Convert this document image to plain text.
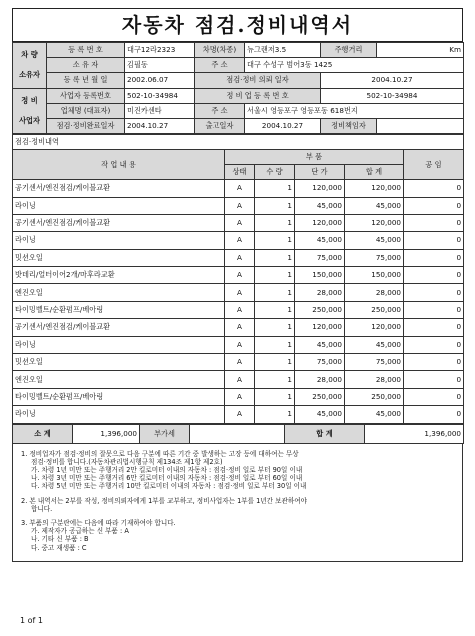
자동차 점검.정비내역서
차 량
소유자	등 록 번 호	대구12라2323	차명(차종)	뉴그랜저3.5	주행거리	Km
	소 유 자	김필동	주 소	대구 수성구 범어3동 1425		
	등 록 년 월 일	2002.06.07	점검·정비 의뢰 일자		2004.10.27	
정 비
사업자	사업자 등록번호	502-10-34984	정 비 업 등 록 번 호		502-10-34984	
	업체명 (대표자)	미진카센타	주 소	서울시 영등포구 영등포동 618번지		
	점검·정비완료일자	2004.10.27	출고일자	2004.10.27	정비책임자	
점검·정비내역					
작 업 내 용	부 품				공 임
	상태	수 량	단 가	합 계	
공기센서/엔진점검/케이블교환	A	1	120,000	120,000	0
라이닝	A	1	45,000	45,000	0
공기센서/엔진점검/케이블교환	A	1	120,000	120,000	0
라이닝	A	1	45,000	45,000	0
밋션오일	A	1	75,000	75,000	0
밧데리/얼터이어2개/마후라교환	A	1	150,000	150,000	0
엔진오일	A	1	28,000	28,000	0
타이밍벨트/순환펌프/베아링	A	1	250,000	250,000	0
공기센서/엔진점검/케이블교환	A	1	120,000	120,000	0
라이닝	A	1	45,000	45,000	0
밋션오일	A	1	75,000	75,000	0
엔진오일	A	1	28,000	28,000	0
타이밍벨트/순환펌프/베아링	A	1	250,000	250,000	0
라이닝	A	1	45,000	45,000	0
소 계	1,396,000	부가세		합 계	1,396,000

1. 정비업자가 점검·정비의 잘못으로 다음 구분에 따른 기간 중 발생하는 고장 등에 대하여는 무상

점검·정비를 합니다.(자동차관리법시행규칙 제134조 제1항 제2호)

가. 차령 1년 미만 또는 주행거리 2만 킬로미터 이내의 자동차 : 점검·정비 일로 부터 90일 이내

나. 차령 3년 미만 또는 주행거리 6만 킬로미터 이내의 자동차 : 점검·정비 일로 부터 60일 이내

다. 차령 5년 미만 또는 주행거리 10만 킬로미터 이내의 자동차 : 점검·정비 일로 부터 30일 이내

2. 본 내역서는 2부를 작성, 정비의뢰자에게 1부를 교부하고, 정비사업자는 1부를 1년간 보관하여야

합니다.

3. 부품의 구분란에는 다음에 따라 기재하여야 합니다.

가. 제작자가 공급하는 신 부품 : A

나. 기타 신 부품 : B

다. 중고 재생품 : C

1 of 1
